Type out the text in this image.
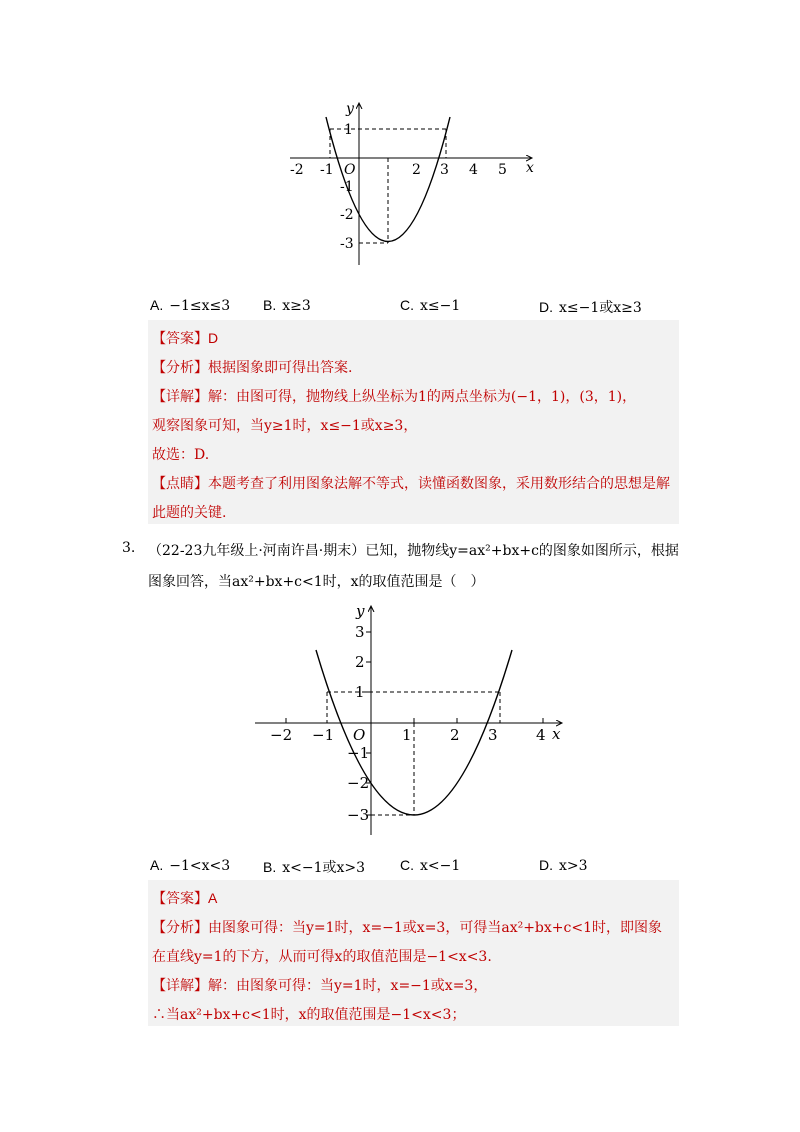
x
y
O
-2 -1	2 3 4 5
1
-1
-2
-3
A. −1≤x≤3 B. x≥3	C. x≤−1	D. x≤−1或x≥3
【答案】D
【分析】根据图象即可得出答案.
【详解】解：由图可得，抛物线上纵坐标为1的两点坐标为(−1，1)，(3，1)，
观察图象可知，当y≥1时，x≤−1或x≥3，
故选：D.
【点睛】本题考查了利用图象法解不等式，读懂函数图象，采用数形结合的思想是解
此题的关键.
3. （22-23九年级上·河南许昌·期末）已知，抛物线y=ax²+bx+c的图象如图所示，根据
图象回答，当ax²+bx+c<1时，x的取值范围是（　）
x
y
O
−2 −1	1	2 3	4
3
2
1
−1
−2
−3
A. −1<x<3 B. x<−1或x>3 C. x<−1	D. x>3
【答案】A
【分析】由图象可得：当y=1时，x=−1或x=3，可得当ax²+bx+c<1时，即图象
在直线y=1的下方，从而可得x的取值范围是−1<x<3.
【详解】解：由图象可得：当y=1时，x=−1或x=3，
∴当ax²+bx+c<1时，x的取值范围是−1<x<3；
